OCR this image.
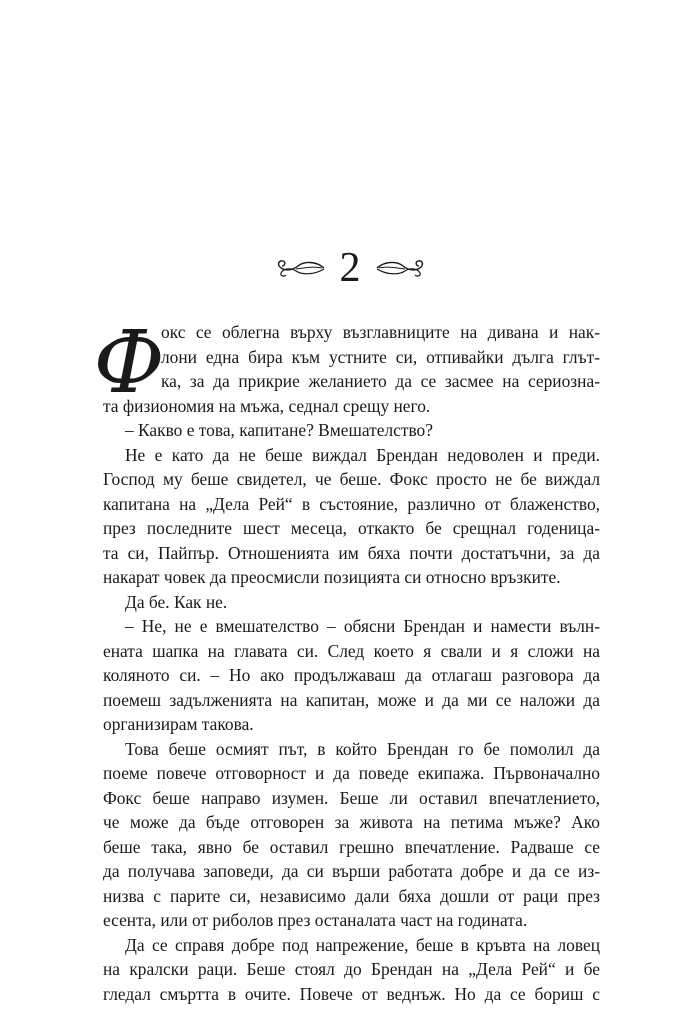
2
Ф
окс се облегна върху възглавниците на дивана и нак-
лони една бира към устните си, отпивайки дълга глът-
ка, за да прикрие желанието да се засмее на сериозна-
та физиономия на мъжа, седнал срещу него.
– Какво е това, капитане? Вмешателство?
Не е като да не беше виждал Брендан недоволен и преди.
Господ му беше свидетел, че беше. Фокс просто не бе виждал
капитана на „Дела Рей“ в състояние, различно от блаженство,
през последните шест месеца, откакто бе срещнал годеница-
та си, Пайпър. Отношенията им бяха почти достатъчни, за да
накарат човек да преосмисли позицията си относно връзките.
Да бе. Как не.
– Не, не е вмешателство – обясни Брендан и намести вълн-
ената шапка на главата си. След което я свали и я сложи на
коляното си. – Но ако продължаваш да отлагаш разговора да
поемеш задълженията на капитан, може и да ми се наложи да
организирам такова.
Това беше осмият път, в който Брендан го бе помолил да
поеме повече отговорност и да поведе екипажа. Първоначално
Фокс беше направо изумен. Беше ли оставил впечатлението,
че може да бъде отговорен за живота на петима мъже? Ако
беше така, явно бе оставил грешно впечатление. Радваше се
да получава заповеди, да си върши работата добре и да се из-
низва с парите си, независимо дали бяха дошли от раци през
есента, или от риболов през останалата част на годината.
Да се справя добре под напрежение, беше в кръвта на ловец
на кралски раци. Беше стоял до Брендан на „Дела Рей“ и бе
гледал смъртта в очите. Повече от веднъж. Но да се бориш с
